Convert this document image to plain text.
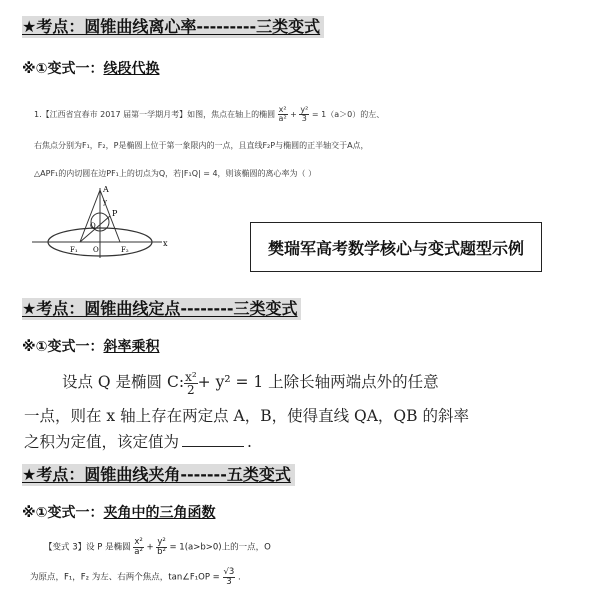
★考点：圆锥曲线离心率---------三类变式
※①变式一：线段代换
1.【江西省宜春市 2017 届第一学期月考】如图，焦点在轴上的椭圆 $\frac{\text{x²}}{\text{a²}} + \frac{\text{y²}}{3} = 1(a>0)$的左、
右焦点分别为F₁，F₂，P是椭圆上位于第一象限内的一点，且直线F₂P与椭圆的正半轴交于A点，
△APF₁的内切圆在边PF₁上的切点为Q，若|F₁Q| = 4，则该椭圆的离心率为（ ）
A
P
Q
F₁ O	F₂
x
y
樊瑞军高考数学核心与变式题型示例
★考点：圆锥曲线定点--------三类变式
※①变式一：斜率乘积
设点 Q 是椭圆 C: $\frac{\text{x²}}{2} + y^2 = 1$ 上除长轴两端点外的任意
一点，则在 x 轴上存在两定点 A，B，使得直线 QA，QB 的斜率
之积为定值，该定值为	.
★考点：圆锥曲线夹角-------五类变式
※①变式一：夹角中的三角函数
【变式 3】设 P 是椭圆 $\frac{\text{x²}}{\text{a²}} + \frac{\text{y²}}{\text{b²}} = 1(a>b>0)$上的一点，O
为原点，F₁，F₂ 为左、右两个焦点，tan∠F₁OP = $\frac{√3}{3}$ .
